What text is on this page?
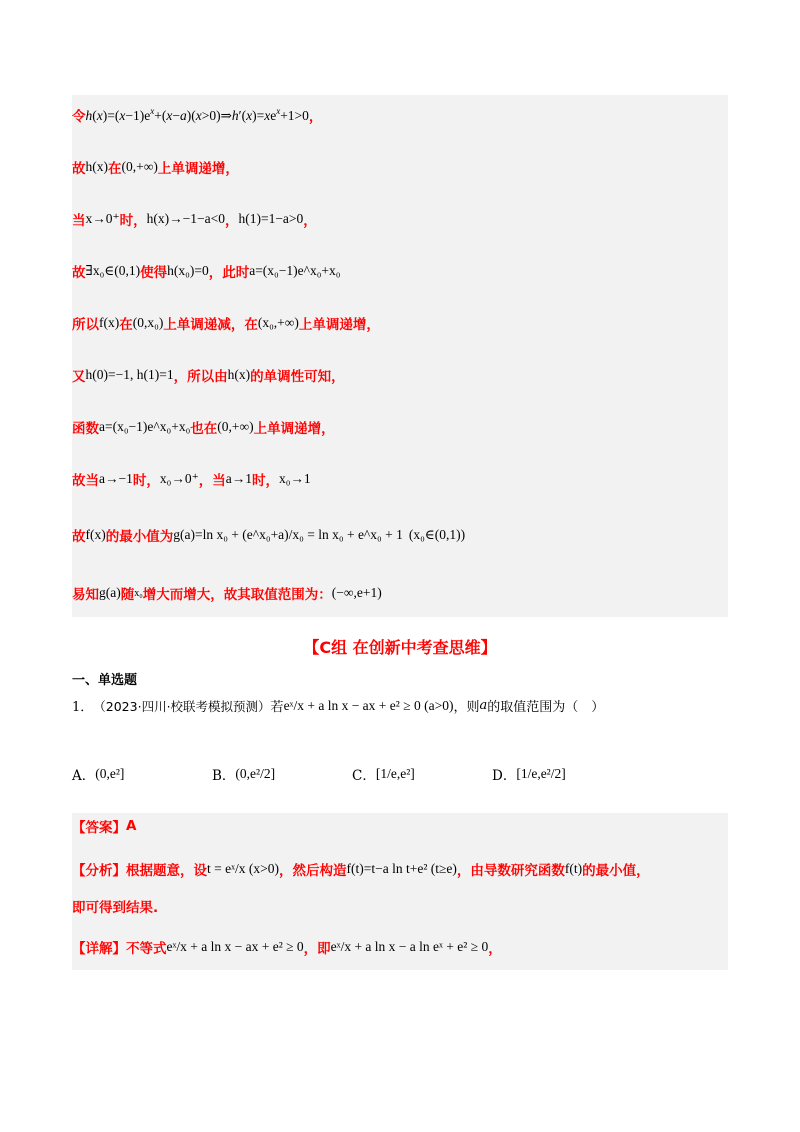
令 $h(x)=(x-1)e^x+(x-a)(x>0)\Rightarrow h'(x)=xe^x+1>0$ ，
故 h(x) 在 (0,+∞) 上单调递增，
当 x→0⁺ 时， h(x)→−1−a<0 ， h(1)=1−a>0 ，
故 ∃x₀∈(0,1) 使得 h(x₀)=0 ，此时 a=(x₀−1)e^x₀+x₀
所以 f(x) 在 (0,x₀) 上单调递减，在 (x₀,+∞) 上单调递增，
又 h(0)=−1, h(1)=1 ，所以由 h(x) 的单调性可知，
函数 a=(x₀−1)e^x₀+x₀ 也在 (0,+∞) 上单调递增，
故当 a→−1 时， x₀→0⁺ ，当 a→1 时， x₀→1
故 f(x) 的最小值为 g(a)=ln x₀ + (e^x₀+a)/x₀ = ln x₀ + e^x₀ + 1 (x₀∈(0,1))
易知 g(a) 随 x₀ 增大而增大，故其取值范围为： (−∞,e+1)
【C组 在创新中考查思维】
一、单选题
1． （2023·四川·校联考模拟预测） 若 eˣ/x + a ln x − ax + e² ≥ 0 (a>0) ，则 a 的取值范围为（　）
A． (0,e²]	B． (0,e²/2]	C． [1/e,e²]	D． [1/e,e²/2]
【答案】 A
【分析】 根据题意，设 t = eˣ/x (x>0) ，然后构造 f(t)=t−a ln t+e² (t≥e) ，由导数研究函数 f(t) 的最小值，
即可得到结果.
【详解】 不等式 eˣ/x + a ln x − ax + e² ≥ 0 ，即 eˣ/x + a ln x − a ln eˣ + e² ≥ 0 ，
